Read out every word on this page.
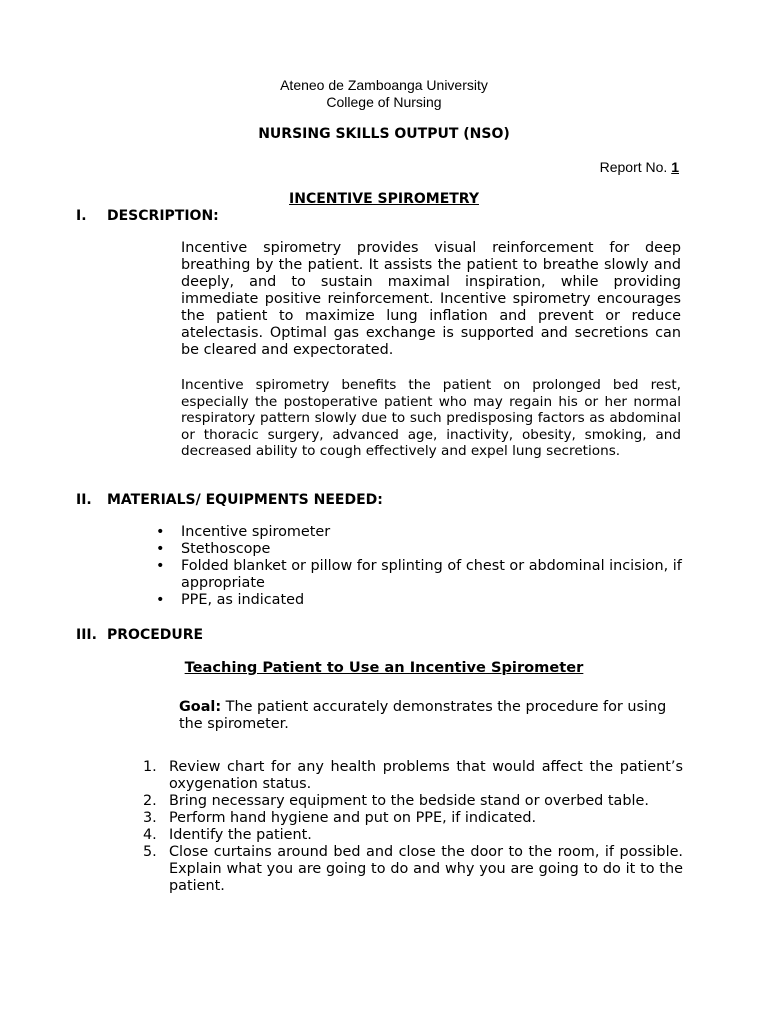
Ateneo de Zamboanga University
College of Nursing
NURSING SKILLS OUTPUT (NSO)
Report No. 1
INCENTIVE SPIROMETRY
I. DESCRIPTION:
Incentive spirometry provides visual reinforcement for deep breathing by the patient. It assists the patient to breathe slowly and deeply, and to sustain maximal inspiration, while providing immediate positive reinforcement. Incentive spirometry encourages the patient to maximize lung inflation and prevent or reduce atelectasis. Optimal gas exchange is supported and secretions can be cleared and expectorated.
Incentive spirometry benefits the patient on prolonged bed rest, especially the postoperative patient who may regain his or her normal respiratory pattern slowly due to such predisposing factors as abdominal or thoracic surgery, advanced age, inactivity, obesity, smoking, and decreased ability to cough effectively and expel lung secretions.
II. MATERIALS/ EQUIPMENTS NEEDED:
•	Incentive spirometer
•	Stethoscope
•	Folded blanket or pillow for splinting of chest or abdominal incision, if appropriate
•	PPE, as indicated
III. PROCEDURE
Teaching Patient to Use an Incentive Spirometer
Goal: The patient accurately demonstrates the procedure for using the spirometer.
1. Review chart for any health problems that would affect the patient’s oxygenation status.
2. Bring necessary equipment to the bedside stand or overbed table.
3. Perform hand hygiene and put on PPE, if indicated.
4. Identify the patient.
5. Close curtains around bed and close the door to the room, if possible. Explain what you are going to do and why you are going to do it to the patient.
